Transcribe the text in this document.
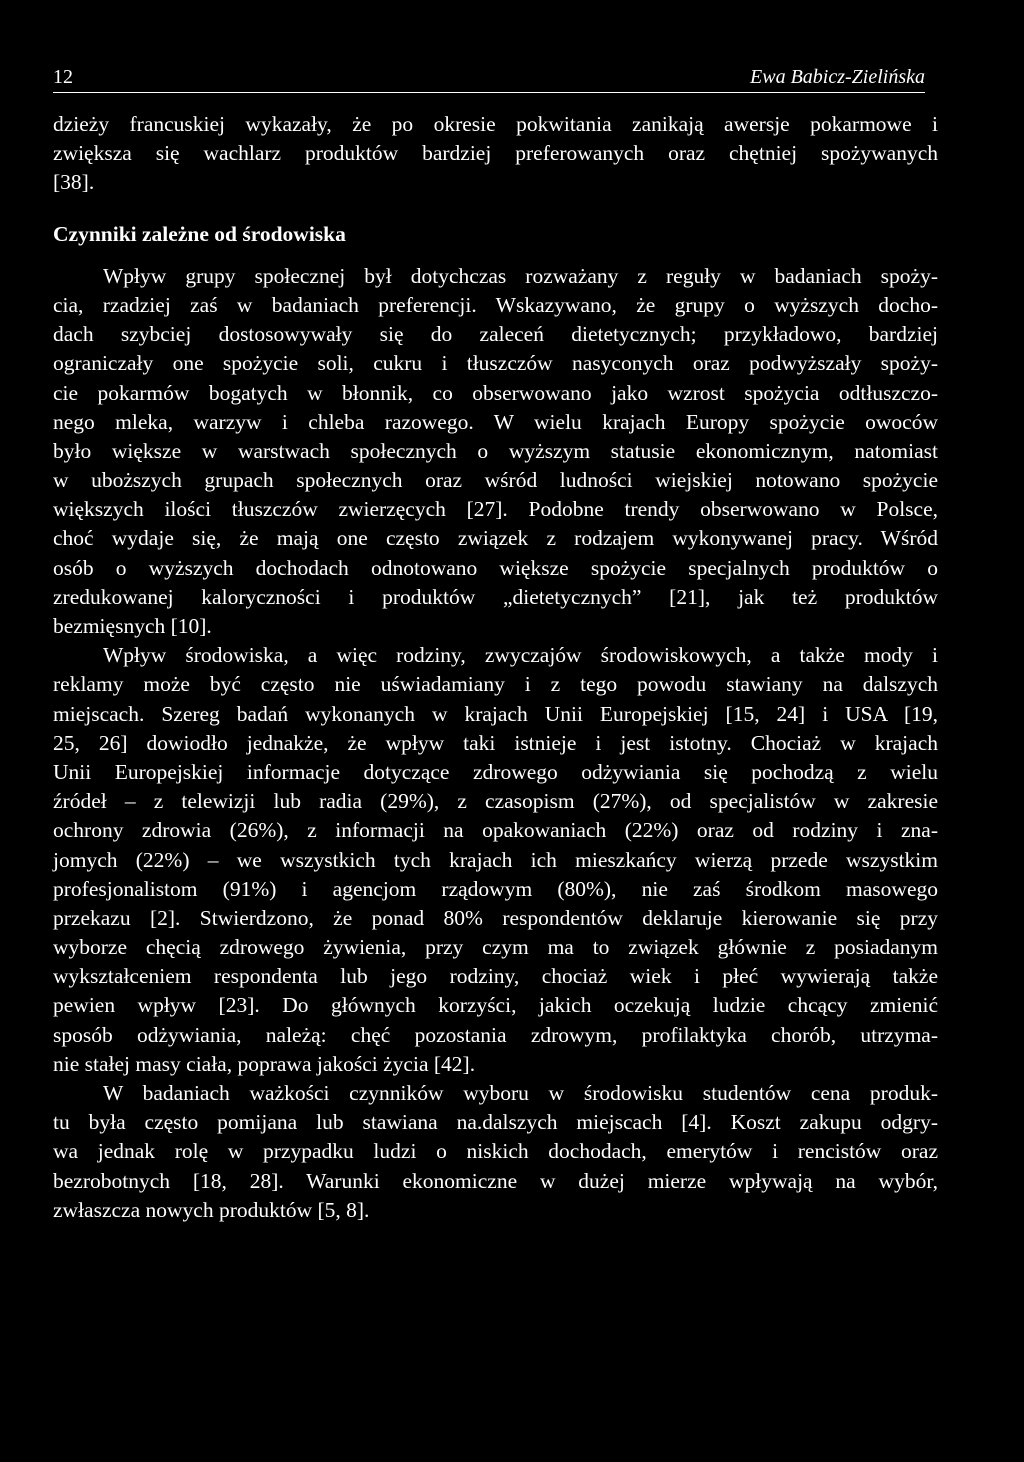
12	Ewa Babicz-Zielińska
dzieży francuskiej wykazały, że po okresie pokwitania zanikają awersje pokarmowe i
zwiększa się wachlarz produktów bardziej preferowanych oraz chętniej spożywanych
[38].
Czynniki zależne od środowiska
Wpływ grupy społecznej był dotychczas rozważany z reguły w badaniach spoży-
cia, rzadziej zaś w badaniach preferencji. Wskazywano, że grupy o wyższych docho-
dach szybciej dostosowywały się do zaleceń dietetycznych; przykładowo, bardziej
ograniczały one spożycie soli, cukru i tłuszczów nasyconych oraz podwyższały spoży-
cie pokarmów bogatych w błonnik, co obserwowano jako wzrost spożycia odtłuszczo-
nego mleka, warzyw i chleba razowego. W wielu krajach Europy spożycie owoców
było większe w warstwach społecznych o wyższym statusie ekonomicznym, natomiast
w uboższych grupach społecznych oraz wśród ludności wiejskiej notowano spożycie
większych ilości tłuszczów zwierzęcych [27]. Podobne trendy obserwowano w Polsce,
choć wydaje się, że mają one często związek z rodzajem wykonywanej pracy. Wśród
osób o wyższych dochodach odnotowano większe spożycie specjalnych produktów o
zredukowanej kaloryczności i produktów „dietetycznych” [21], jak też produktów
bezmięsnych [10].
Wpływ środowiska, a więc rodziny, zwyczajów środowiskowych, a także mody i
reklamy może być często nie uświadamiany i z tego powodu stawiany na dalszych
miejscach. Szereg badań wykonanych w krajach Unii Europejskiej [15, 24] i USA [19,
25, 26] dowiodło jednakże, że wpływ taki istnieje i jest istotny. Chociaż w krajach
Unii Europejskiej informacje dotyczące zdrowego odżywiania się pochodzą z wielu
źródeł – z telewizji lub radia (29%), z czasopism (27%), od specjalistów w zakresie
ochrony zdrowia (26%), z informacji na opakowaniach (22%) oraz od rodziny i zna-
jomych (22%) – we wszystkich tych krajach ich mieszkańcy wierzą przede wszystkim
profesjonalistom (91%) i agencjom rządowym (80%), nie zaś środkom masowego
przekazu [2]. Stwierdzono, że ponad 80% respondentów deklaruje kierowanie się przy
wyborze chęcią zdrowego żywienia, przy czym ma to związek głównie z posiadanym
wykształceniem respondenta lub jego rodziny, chociaż wiek i płeć wywierają także
pewien wpływ [23]. Do głównych korzyści, jakich oczekują ludzie chcący zmienić
sposób odżywiania, należą: chęć pozostania zdrowym, profilaktyka chorób, utrzyma-
nie stałej masy ciała, poprawa jakości życia [42].
W badaniach ważkości czynników wyboru w środowisku studentów cena produk-
tu była często pomijana lub stawiana na.dalszych miejscach [4]. Koszt zakupu odgry-
wa jednak rolę w przypadku ludzi o niskich dochodach, emerytów i rencistów oraz
bezrobotnych [18, 28]. Warunki ekonomiczne w dużej mierze wpływają na wybór,
zwłaszcza nowych produktów [5, 8].
